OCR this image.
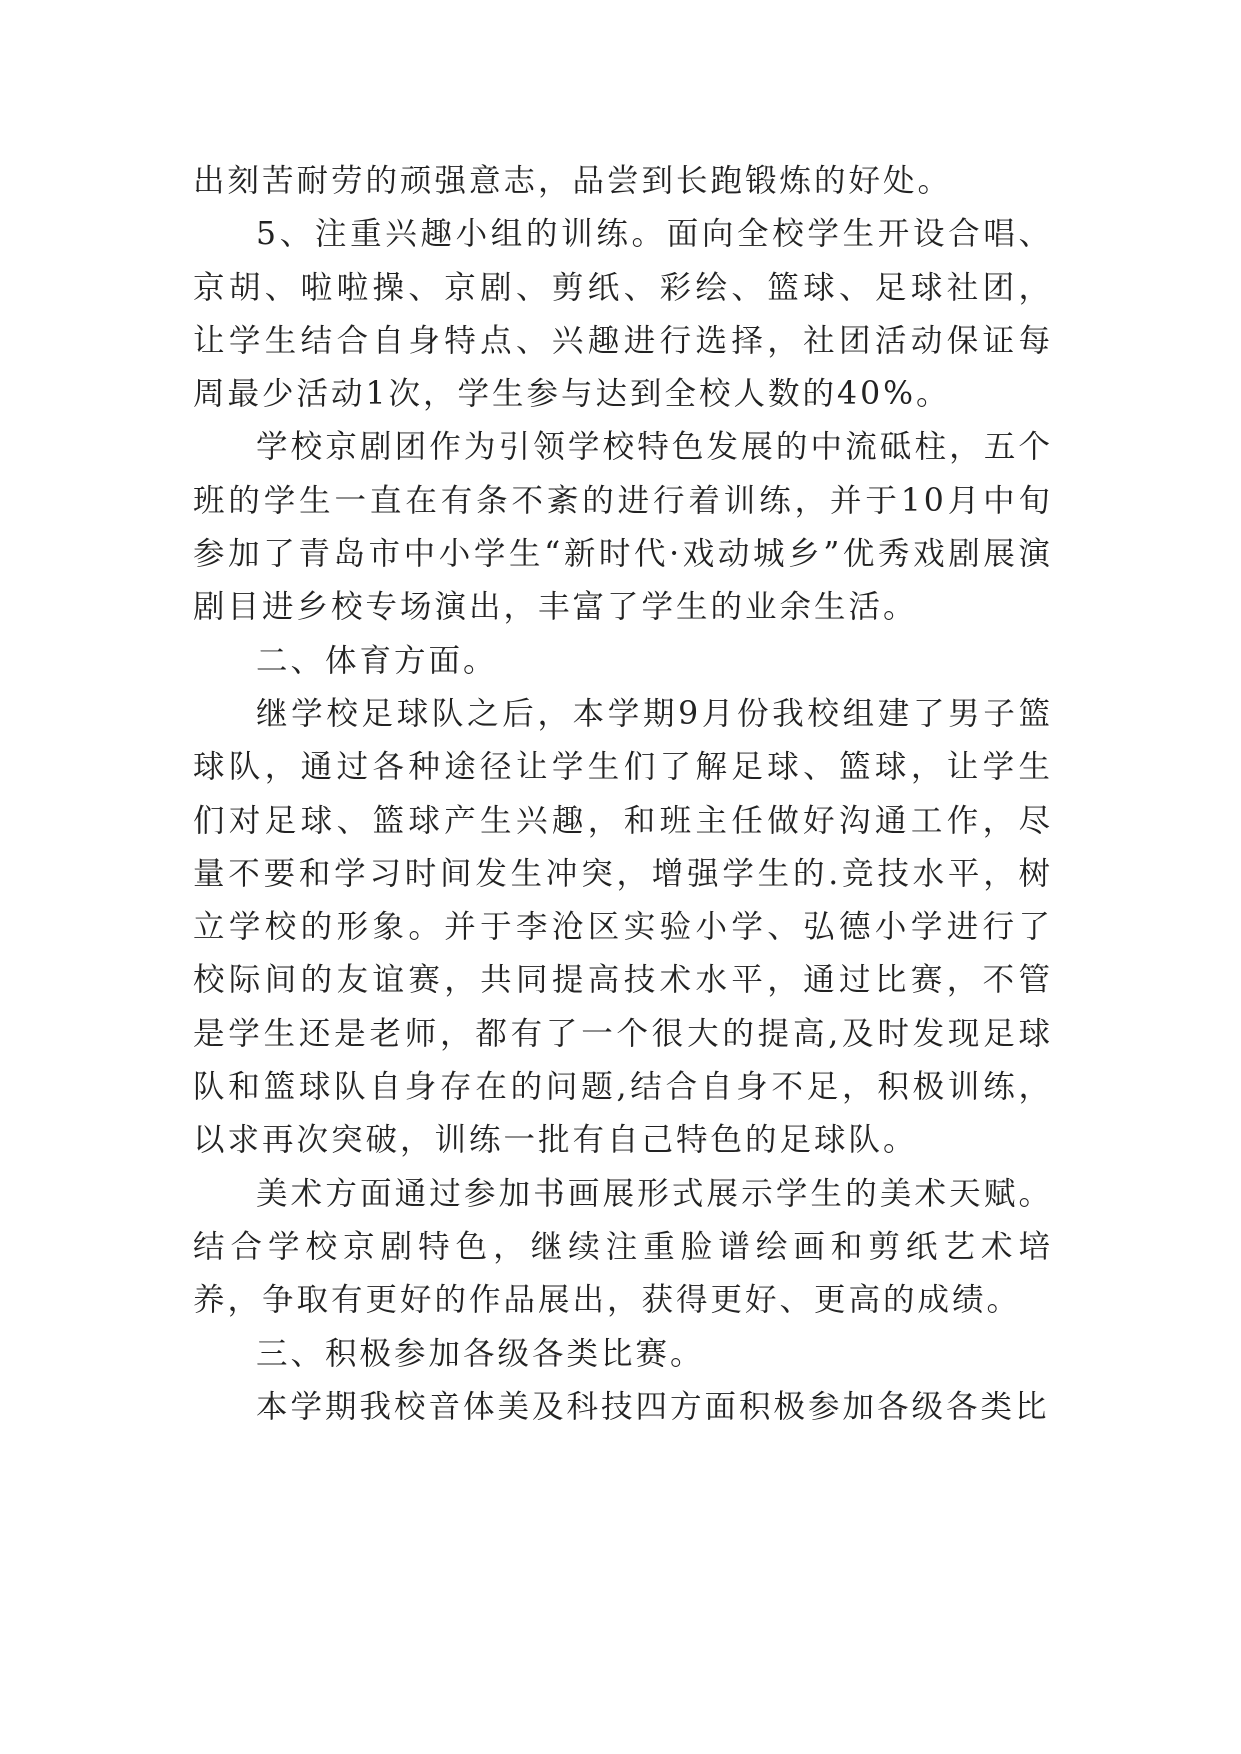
出刻苦耐劳的顽强意志，品尝到长跑锻炼的好处。

5、注重兴趣小组的训练。面向全校学生开设合唱、京胡、啦啦操、京剧、剪纸、彩绘、篮球、足球社团，让学生结合自身特点、兴趣进行选择，社团活动保证每周最少活动1次，学生参与达到全校人数的40%。

学校京剧团作为引领学校特色发展的中流砥柱，五个班的学生一直在有条不紊的进行着训练，并于10月中旬参加了青岛市中小学生“新时代·戏动城乡”优秀戏剧展演剧目进乡校专场演出，丰富了学生的业余生活。

二、体育方面。

继学校足球队之后，本学期9月份我校组建了男子篮球队，通过各种途径让学生们了解足球、篮球，让学生们对足球、篮球产生兴趣，和班主任做好沟通工作，尽量不要和学习时间发生冲突，增强学生的.竞技水平，树立学校的形象。并于李沧区实验小学、弘德小学进行了校际间的友谊赛，共同提高技术水平，通过比赛，不管是学生还是老师，都有了一个很大的提高,及时发现足球队和篮球队自身存在的问题,结合自身不足，积极训练，以求再次突破，训练一批有自己特色的足球队。

美术方面通过参加书画展形式展示学生的美术天赋。结合学校京剧特色，继续注重脸谱绘画和剪纸艺术培养，争取有更好的作品展出，获得更好、更高的成绩。

三、积极参加各级各类比赛。

本学期我校音体美及科技四方面积极参加各级各类比
